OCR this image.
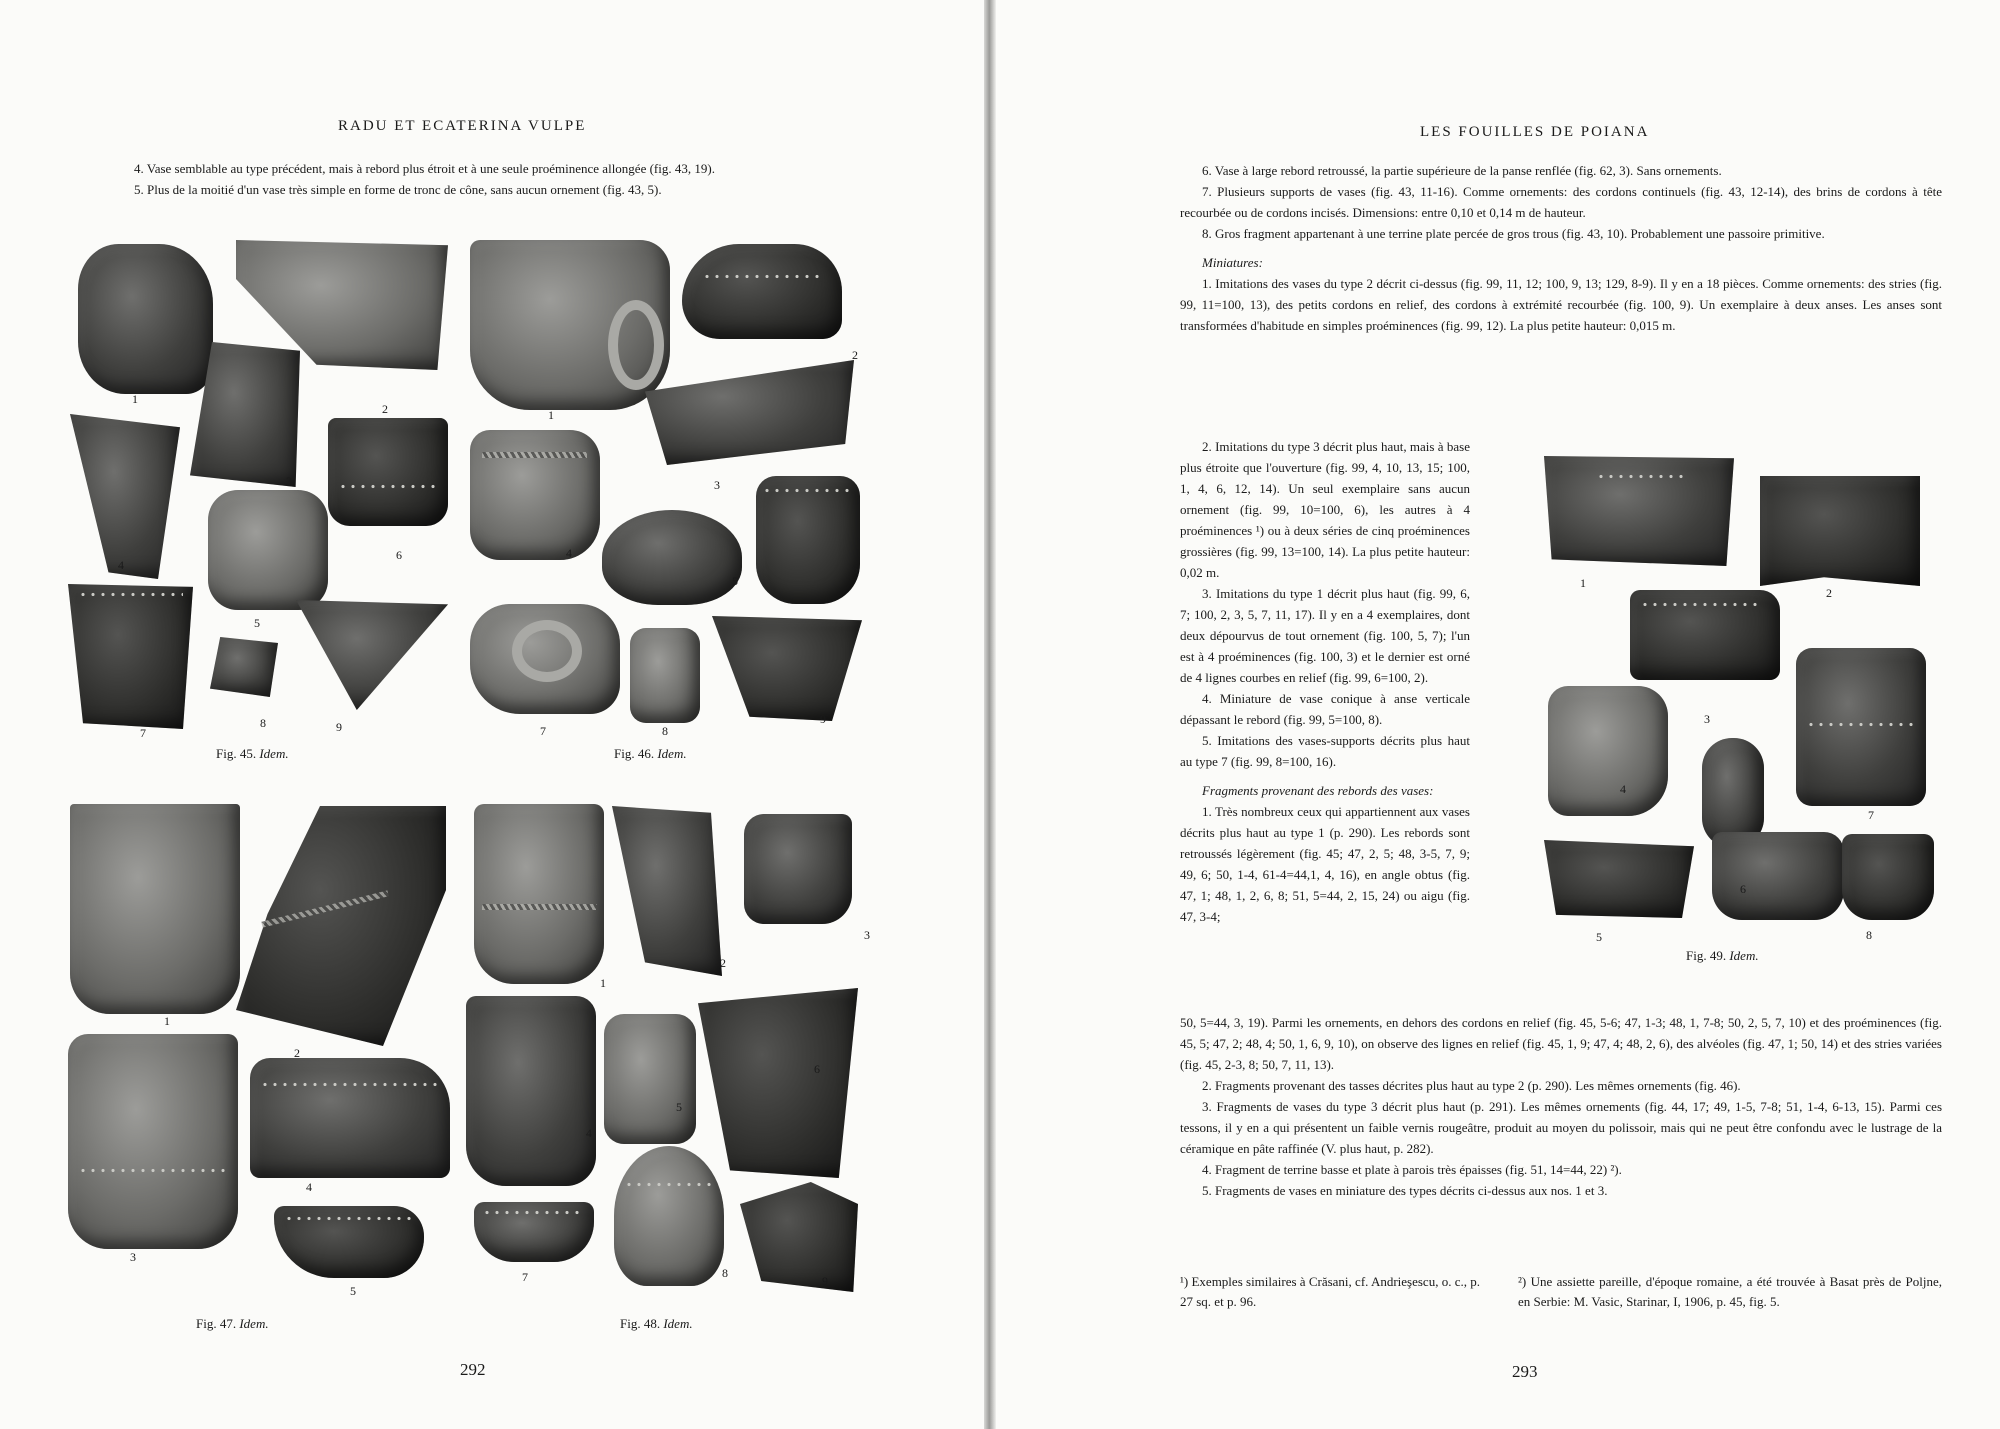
RADU ET ECATERINA VULPE

4. Vase semblable au type précédent, mais à rebord plus étroit et à une seule proéminence allongée (fig. 43, 19).

5. Plus de la moitié d'un vase très simple en forme de tronc de cône, sans aucun ornement (fig. 43, 5).

1
2
3
4
5
6
7
8	9
Fig. 45. Idem.
1
2
3
4
5
6
7	8
9
Fig. 46. Idem.
1
2
3
4
5
Fig. 47. Idem.
1
2
3
4
5
6
7	8
9
Fig. 48. Idem.
292
LES FOUILLES DE POIANA

6. Vase à large rebord retroussé, la partie supérieure de la panse renflée (fig. 62, 3). Sans ornements.

7. Plusieurs supports de vases (fig. 43, 11-16). Comme ornements: des cordons continuels (fig. 43, 12-14), des brins de cordons à tête recourbée ou de cordons incisés. Dimensions: entre 0,10 et 0,14 m de hauteur.

8. Gros fragment appartenant à une terrine plate percée de gros trous (fig. 43, 10). Probablement une passoire primitive.

Miniatures:

1. Imitations des vases du type 2 décrit ci-dessus (fig. 99, 11, 12; 100, 9, 13; 129, 8-9). Il y en a 18 pièces. Comme ornements: des stries (fig. 99, 11=100, 13), des petits cordons en relief, des cordons à extrémité recourbée (fig. 100, 9). Un exemplaire à deux anses. Les anses sont transformées d'habitude en simples proéminences (fig. 99, 12). La plus petite hauteur: 0,015 m.

2. Imitations du type 3 décrit plus haut, mais à base plus étroite que l'ouverture (fig. 99, 4, 10, 13, 15; 100, 1, 4, 6, 12, 14). Un seul exemplaire sans aucun ornement (fig. 99, 10=100, 6), les autres à 4 proéminences ¹) ou à deux séries de cinq proéminences grossières (fig. 99, 13=100, 14). La plus petite hauteur: 0,02 m.

3. Imitations du type 1 décrit plus haut (fig. 99, 6, 7; 100, 2, 3, 5, 7, 11, 17). Il y en a 4 exemplaires, dont deux dépourvus de tout ornement (fig. 100, 5, 7); l'un est à 4 proéminences (fig. 100, 3) et le dernier est orné de 4 lignes courbes en relief (fig. 99, 6=100, 2).

4. Miniature de vase conique à anse verticale dépassant le rebord (fig. 99, 5=100, 8).

5. Imitations des vases-supports décrits plus haut au type 7 (fig. 99, 8=100, 16).

Fragments provenant des rebords des vases:

1. Très nombreux ceux qui appartiennent aux vases décrits plus haut au type 1 (p. 290). Les rebords sont retroussés légèrement (fig. 45; 47, 2, 5; 48, 3-5, 7, 9; 49, 6; 50, 1-4, 61-4=44,1, 4, 16), en angle obtus (fig. 47, 1; 48, 1, 2, 6, 8; 51, 5=44, 2, 15, 24) ou aigu (fig. 47, 3-4;

1
2
3
4
5
6
7
8
Fig. 49. Idem.

50, 5=44, 3, 19). Parmi les ornements, en dehors des cordons en relief (fig. 45, 5-6; 47, 1-3; 48, 1, 7-8; 50, 2, 5, 7, 10) et des proéminences (fig. 45, 5; 47, 2; 48, 4; 50, 1, 6, 9, 10), on observe des lignes en relief (fig. 45, 1, 9; 47, 4; 48, 2, 6), des alvéoles (fig. 47, 1; 50, 14) et des stries variées (fig. 45, 2-3, 8; 50, 7, 11, 13).

2. Fragments provenant des tasses décrites plus haut au type 2 (p. 290). Les mêmes ornements (fig. 46).

3. Fragments de vases du type 3 décrit plus haut (p. 291). Les mêmes ornements (fig. 44, 17; 49, 1-5, 7-8; 51, 1-4, 6-13, 15). Parmi ces tessons, il y en a qui présentent un faible vernis rougeâtre, produit au moyen du polissoir, mais qui ne peut être confondu avec le lustrage de la céramique en pâte raffinée (V. plus haut, p. 282).

4. Fragment de terrine basse et plate à parois très épaisses (fig. 51, 14=44, 22) ²).

5. Fragments de vases en miniature des types décrits ci-dessus aux nos. 1 et 3.

¹) Exemples similaires à Crăsani, cf. Andrieşescu, o. c., p. 27 sq. et p. 96.
²) Une assiette pareille, d'époque romaine, a été trouvée à Basat près de Poljne, en Serbie: M. Vasic, Starinar, I, 1906, p. 45, fig. 5.
293
